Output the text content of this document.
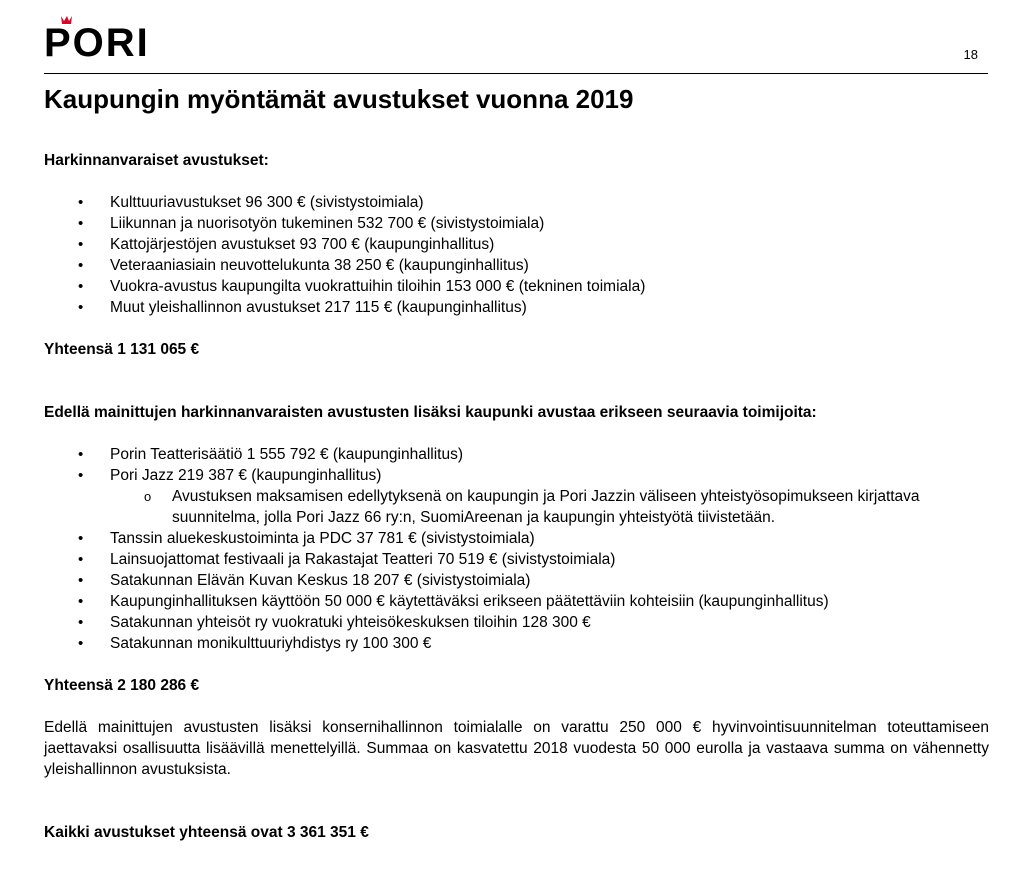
PORI	18
Kaupungin myöntämät avustukset vuonna 2019

Harkinnanvaraiset avustukset:

• Kulttuuriavustukset 96 300 € (sivistystoimiala)
• Liikunnan ja nuorisotyön tukeminen 532 700 € (sivistystoimiala)
• Kattojärjestöjen avustukset 93 700 € (kaupunginhallitus)
• Veteraaniasiain neuvottelukunta 38 250 € (kaupunginhallitus)
• Vuokra-avustus kaupungilta vuokrattuihin tiloihin 153 000 € (tekninen toimiala)
• Muut yleishallinnon avustukset 217 115 € (kaupunginhallitus)

Yhteensä 1 131 065 €

Edellä mainittujen harkinnanvaraisten avustusten lisäksi kaupunki avustaa erikseen seuraavia toimijoita:

• Porin Teatterisäätiö 1 555 792 € (kaupunginhallitus)
• Pori Jazz 219 387 € (kaupunginhallitus)
o Avustuksen maksamisen edellytyksenä on kaupungin ja Pori Jazzin väliseen yhteistyösopimukseen kirjattava suunnitelma, jolla Pori Jazz 66 ry:n, SuomiAreenan ja kaupungin yhteistyötä tiivistetään.
• Tanssin aluekeskustoiminta ja PDC 37 781 € (sivistystoimiala)
• Lainsuojattomat festivaali ja Rakastajat Teatteri 70 519 € (sivistystoimiala)
• Satakunnan Elävän Kuvan Keskus 18 207 € (sivistystoimiala)
• Kaupunginhallituksen käyttöön 50 000 € käytettäväksi erikseen päätettäviin kohteisiin (kaupunginhallitus)
• Satakunnan yhteisöt ry vuokratuki yhteisökeskuksen tiloihin 128 300 €
• Satakunnan monikulttuuriyhdistys ry 100 300 €

Yhteensä 2 180 286 €

Edellä mainittujen avustusten lisäksi konsernihallinnon toimialalle on varattu 250 000 € hyvinvointisuunnitelman toteuttamiseen jaettavaksi osallisuutta lisäävillä menettelyillä. Summaa on kasvatettu 2018 vuodesta 50 000 eurolla ja vastaava summa on vähennetty yleishallinnon avustuksista.

Kaikki avustukset yhteensä ovat 3 361 351 €
